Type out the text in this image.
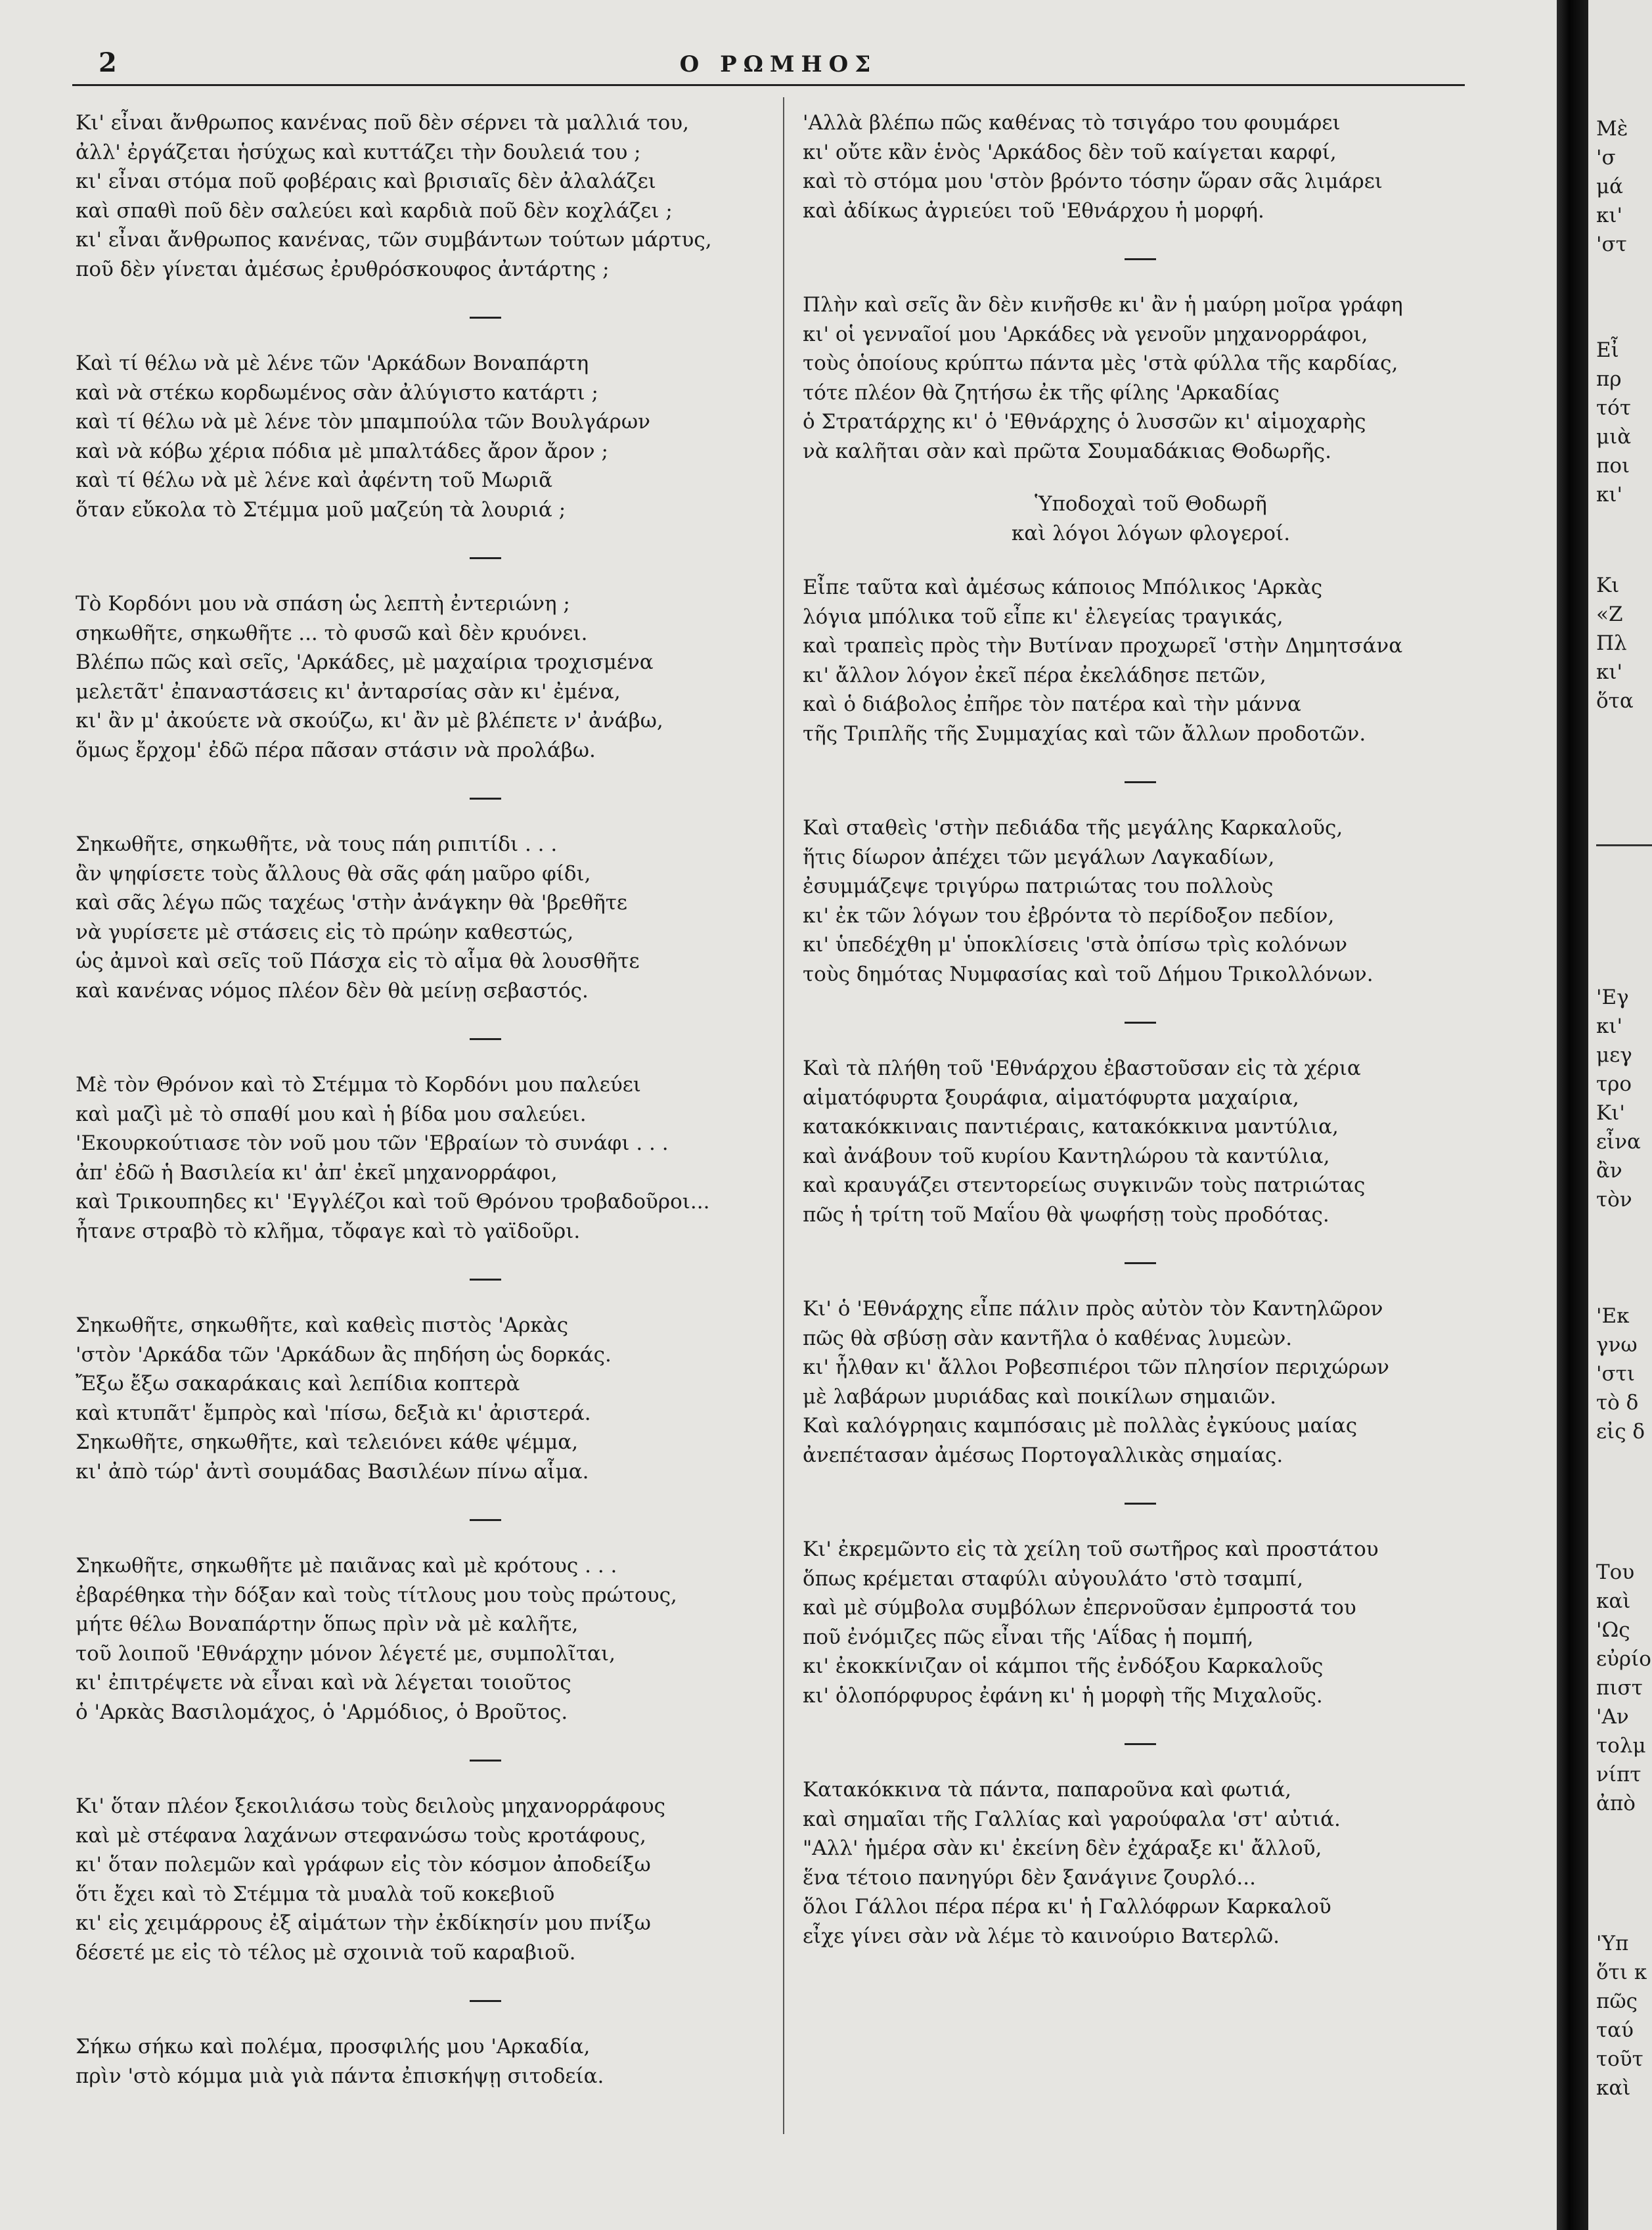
2	Ο ΡΩΜΗΟΣ
Κι' εἶναι ἄνθρωπος κανένας ποῦ δὲν σέρνει τὰ μαλλιά του,
ἀλλ' ἐργάζεται ἡσύχως καὶ κυττάζει τὴν δουλειά του ;
κι' εἶναι στόμα ποῦ φοβέραις καὶ βρισιαῖς δὲν ἀλαλάζει
καὶ σπαθὶ ποῦ δὲν σαλεύει καὶ καρδιὰ ποῦ δὲν κοχλάζει ;
κι' εἶναι ἄνθρωπος κανένας, τῶν συμβάντων τούτων μάρτυς,
ποῦ δὲν γίνεται ἀμέσως ἐρυθρόσκουφος ἀντάρτης ;
Καὶ τί θέλω νὰ μὲ λένε τῶν 'Αρκάδων Βοναπάρτη
καὶ νὰ στέκω κορδωμένος σὰν ἀλύγιστο κατάρτι ;
καὶ τί θέλω νὰ μὲ λένε τὸν μπαμπούλα τῶν Βουλγάρων
καὶ νὰ κόβω χέρια πόδια μὲ μπαλτάδες ἄρον ἄρον ;
καὶ τί θέλω νὰ μὲ λένε καὶ ἀφέντη τοῦ Μωριᾶ
ὅταν εὔκολα τὸ Στέμμα μοῦ μαζεύη τὰ λουριά ;
Τὸ Κορδόνι μου νὰ σπάση ὡς λεπτὴ ἐντεριώνη ;
σηκωθῆτε, σηκωθῆτε ... τὸ φυσῶ καὶ δὲν κρυόνει.
Βλέπω πῶς καὶ σεῖς, 'Αρκάδες, μὲ μαχαίρια τροχισμένα
μελετᾶτ' ἐπαναστάσεις κι' ἀνταρσίας σὰν κι' ἐμένα,
κι' ἂν μ' ἀκούετε νὰ σκούζω, κι' ἂν μὲ βλέπετε ν' ἀνάβω,
ὅμως ἔρχομ' ἐδῶ πέρα πᾶσαν στάσιν νὰ προλάβω.
Σηκωθῆτε, σηκωθῆτε, νὰ τους πάη ριπιτίδι . . .
ἂν ψηφίσετε τοὺς ἄλλους θὰ σᾶς φάη μαῦρο φίδι,
καὶ σᾶς λέγω πῶς ταχέως 'στὴν ἀνάγκην θὰ 'βρεθῆτε
νὰ γυρίσετε μὲ στάσεις εἰς τὸ πρώην καθεστώς,
ὡς ἀμνοὶ καὶ σεῖς τοῦ Πάσχα εἰς τὸ αἷμα θὰ λουσθῆτε
καὶ κανένας νόμος πλέον δὲν θὰ μείνῃ σεβαστός.
Μὲ τὸν Θρόνον καὶ τὸ Στέμμα τὸ Κορδόνι μου παλεύει
καὶ μαζὶ μὲ τὸ σπαθί μου καὶ ἡ βίδα μου σαλεύει.
'Εκουρκούτιασε τὸν νοῦ μου τῶν 'Εβραίων τὸ συνάφι . . .
ἀπ' ἐδῶ ἡ Βασιλεία κι' ἀπ' ἐκεῖ μηχανορράφοι,
καὶ Τρικουπηδες κι' 'Εγγλέζοι καὶ τοῦ Θρόνου τροβαδοῦροι...
ἦτανε στραβὸ τὸ κλῆμα, τὄφαγε καὶ τὸ γαϊδοῦρι.
Σηκωθῆτε, σηκωθῆτε, καὶ καθεὶς πιστὸς 'Αρκὰς
'στὸν 'Αρκάδα τῶν 'Αρκάδων ἂς πηδήση ὡς δορκάς.
Ἔξω ἔξω σακαράκαις καὶ λεπίδια κοπτερὰ
καὶ κτυπᾶτ' ἔμπρὸς καὶ 'πίσω, δεξιὰ κι' ἀριστερά.
Σηκωθῆτε, σηκωθῆτε, καὶ τελειόνει κάθε ψέμμα,
κι' ἀπὸ τώρ' ἀντὶ σουμάδας Βασιλέων πίνω αἷμα.
Σηκωθῆτε, σηκωθῆτε μὲ παιᾶνας καὶ μὲ κρότους . . .
ἐβαρέθηκα τὴν δόξαν καὶ τοὺς τίτλους μου τοὺς πρώτους,
μήτε θέλω Βοναπάρτην ὅπως πρὶν νὰ μὲ καλῆτε,
τοῦ λοιποῦ 'Εθνάρχην μόνον λέγετέ με, συμπολῖται,
κι' ἐπιτρέψετε νὰ εἶναι καὶ νὰ λέγεται τοιοῦτος
ὁ 'Αρκὰς Βασιλομάχος, ὁ 'Αρμόδιος, ὁ Βροῦτος.
Κι' ὅταν πλέον ξεκοιλιάσω τοὺς δειλοὺς μηχανορράφους
καὶ μὲ στέφανα λαχάνων στεφανώσω τοὺς κροτάφους,
κι' ὅταν πολεμῶν καὶ γράφων εἰς τὸν κόσμον ἀποδείξω
ὅτι ἔχει καὶ τὸ Στέμμα τὰ μυαλὰ τοῦ κοκεβιοῦ
κι' εἰς χειμάρρους ἐξ αἱμάτων τὴν ἐκδίκησίν μου πνίξω
δέσετέ με εἰς τὸ τέλος μὲ σχοινιὰ τοῦ καραβιοῦ.
Σήκω σήκω καὶ πολέμα, προσφιλής μου 'Αρκαδία,
πρὶν 'στὸ κόμμα μιὰ γιὰ πάντα ἐπισκήψῃ σιτοδεία.
'Αλλὰ βλέπω πῶς καθένας τὸ τσιγάρο του φουμάρει
κι' οὔτε κἂν ἑνὸς 'Αρκάδος δὲν τοῦ καίγεται καρφί,
καὶ τὸ στόμα μου 'στὸν βρόντο τόσην ὥραν σᾶς λιμάρει
καὶ ἀδίκως ἀγριεύει τοῦ 'Εθνάρχου ἡ μορφή.
Πλὴν καὶ σεῖς ἂν δὲν κινῆσθε κι' ἂν ἡ μαύρη μοῖρα γράφη
κι' οἱ γενναῖοί μου 'Αρκάδες νὰ γενοῦν μηχανορράφοι,
τοὺς ὁποίους κρύπτω πάντα μὲς 'στὰ φύλλα τῆς καρδίας,
τότε πλέον θὰ ζητήσω ἐκ τῆς φίλης 'Αρκαδίας
ὁ Στρατάρχης κι' ὁ 'Εθνάρχης ὁ λυσσῶν κι' αἱμοχαρὴς
νὰ καλῆται σὰν καὶ πρῶτα Σουμαδάκιας Θοδωρῆς.
Ὑποδοχαὶ τοῦ Θοδωρῆ
καὶ λόγοι λόγων φλογεροί.
Εἶπε ταῦτα καὶ ἀμέσως κάποιος Μπόλικος 'Αρκὰς
λόγια μπόλικα τοῦ εἶπε κι' ἐλεγείας τραγικάς,
καὶ τραπεὶς πρὸς τὴν Βυτίναν προχωρεῖ 'στὴν Δημητσάνα
κι' ἄλλον λόγον ἐκεῖ πέρα ἐκελάδησε πετῶν,
καὶ ὁ διάβολος ἐπῆρε τὸν πατέρα καὶ τὴν μάννα
τῆς Τριπλῆς τῆς Συμμαχίας καὶ τῶν ἄλλων προδοτῶν.
Καὶ σταθεὶς 'στὴν πεδιάδα τῆς μεγάλης Καρκαλοῦς,
ἥτις δίωρον ἀπέχει τῶν μεγάλων Λαγκαδίων,
ἐσυμμάζεψε τριγύρω πατριώτας του πολλοὺς
κι' ἐκ τῶν λόγων του ἐβρόντα τὸ περίδοξον πεδίον,
κι' ὑπεδέχθη μ' ὑποκλίσεις 'στὰ ὀπίσω τρὶς κολόνων
τοὺς δημότας Νυμφασίας καὶ τοῦ Δήμου Τρικολλόνων.
Καὶ τὰ πλήθη τοῦ 'Εθνάρχου ἐβαστοῦσαν εἰς τὰ χέρια
αἱματόφυρτα ξουράφια, αἱματόφυρτα μαχαίρια,
κατακόκκιναις παντιέραις, κατακόκκινα μαντύλια,
καὶ ἀνάβουν τοῦ κυρίου Καντηλώρου τὰ καντύλια,
καὶ κραυγάζει στεντορείως συγκινῶν τοὺς πατριώτας
πῶς ἡ τρίτη τοῦ Μαΐου θὰ ψωφήσῃ τοὺς προδότας.
Κι' ὁ 'Εθνάρχης εἶπε πάλιν πρὸς αὐτὸν τὸν Καντηλῶρον
πῶς θὰ σβύσῃ σὰν καντῆλα ὁ καθένας λυμεὼν.
κι' ἦλθαν κι' ἄλλοι Ροβεσπιέροι τῶν πλησίον περιχώρων
μὲ λαβάρων μυριάδας καὶ ποικίλων σημαιῶν.
Καὶ καλόγρηαις καμπόσαις μὲ πολλὰς ἐγκύους μαίας
ἀνεπέτασαν ἀμέσως Πορτογαλλικὰς σημαίας.
Κι' ἐκρεμῶντο εἰς τὰ χείλη τοῦ σωτῆρος καὶ προστάτου
ὅπως κρέμεται σταφύλι αὐγουλάτο 'στὸ τσαμπί,
καὶ μὲ σύμβολα συμβόλων ἐπερνοῦσαν ἐμπροστά του
ποῦ ἐνόμιζες πῶς εἶναι τῆς 'Αΐδας ἡ πομπή,
κι' ἐκοκκίνιζαν οἱ κάμποι τῆς ἐνδόξου Καρκαλοῦς
κι' ὁλοπόρφυρος ἐφάνη κι' ἡ μορφὴ τῆς Μιχαλοῦς.
Κατακόκκινα τὰ πάντα, παπαροῦνα καὶ φωτιά,
καὶ σημαῖαι τῆς Γαλλίας καὶ γαρούφαλα 'στ' αὐτιά.
"Αλλ' ἡμέρα σὰν κι' ἐκείνη δὲν ἐχάραξε κι' ἄλλοῦ,
ἕνα τέτοιο πανηγύρι δὲν ξανάγινε ζουρλό...
ὅλοι Γάλλοι πέρα πέρα κι' ἡ Γαλλόφρων Καρκαλοῦ
εἶχε γίνει σὰν νὰ λέμε τὸ καινούριο Βατερλῶ.
Μὲ
'σ
μά
κι'
'στ
Εἶ
πρ
τότ
μιὰ
ποι
κι'
Κι
«Ζ
Πλ
κι'
ὅτα
'Εγ
κι'
μεγ
τρο
Κι'
εἶνα
ἂν
τὸν
'Εκ
γνω
'στι
τὸ δ
εἰς δ
Του
καὶ
'Ως
εὐρίο
πιστ
'Αν
τολμ
νίπτ
ἀπὸ
'Υπ
ὅτι κ
πῶς
ταύ
τοῦτ
καὶ
